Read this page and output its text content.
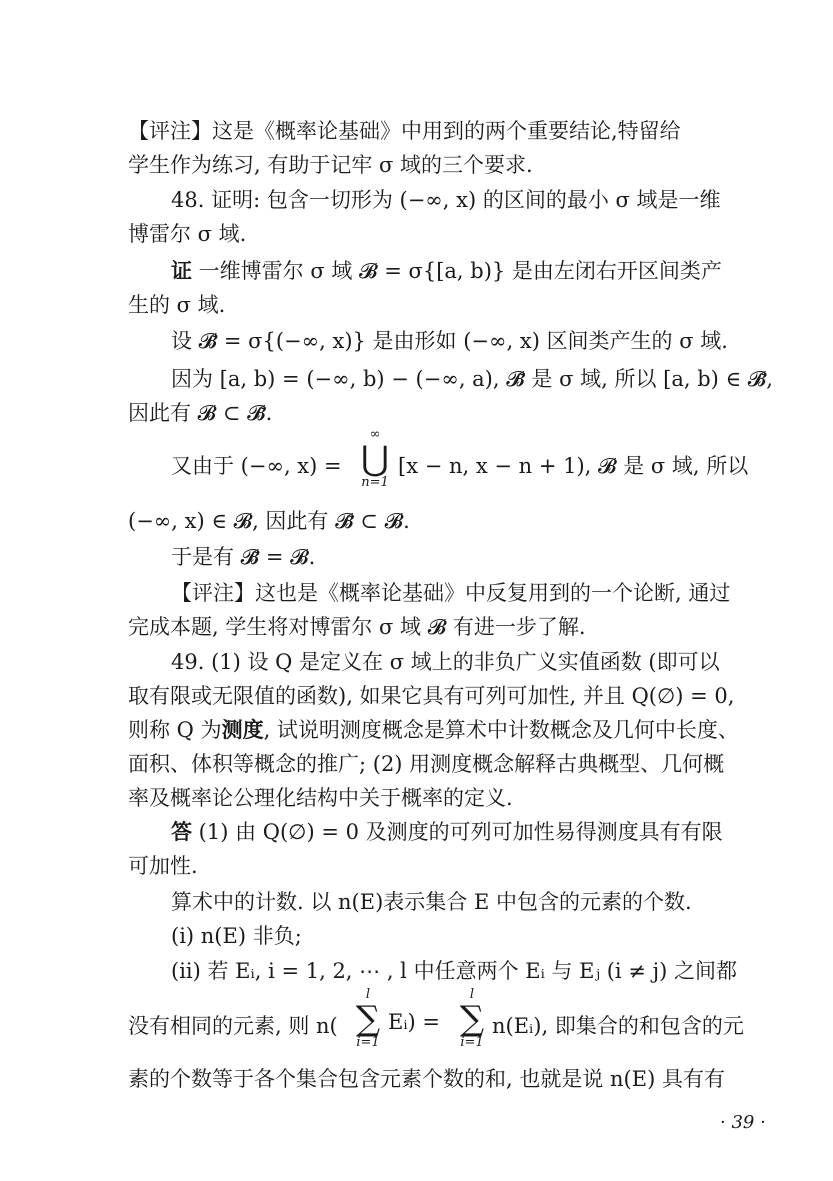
【评注】这是《概率论基础》中用到的两个重要结论,特留给
学生作为练习, 有助于记牢 σ 域的三个要求.
48. 证明: 包含一切形为 (−∞, x) 的区间的最小 σ 域是一维
博雷尔 σ 域.
证 一维博雷尔 σ 域 𝓑 = σ{[a, b)} 是由左闭右开区间类产
生的 σ 域.
设 𝓑̃ = σ{(−∞, x)} 是由形如 (−∞, x) 区间类产生的 σ 域.
因为 [a, b) = (−∞, b) − (−∞, a), 𝓑̃ 是 σ 域, 所以 [a, b) ∈ 𝓑̃,
因此有 𝓑 ⊂ 𝓑̃.
又由于 (−∞, x) =
∞
⋃
n=1
[x − n, x − n + 1), 𝓑 是 σ 域, 所以
(−∞, x) ∈ 𝓑, 因此有 𝓑̃ ⊂ 𝓑.
于是有 𝓑̃ = 𝓑.
【评注】这也是《概率论基础》中反复用到的一个论断, 通过
完成本题, 学生将对博雷尔 σ 域 𝓑 有进一步了解.
49. (1) 设 Q 是定义在 σ 域上的非负广义实值函数 (即可以
取有限或无限值的函数), 如果它具有可列可加性, 并且 Q(∅) = 0,
则称 Q 为测度, 试说明测度概念是算术中计数概念及几何中长度、
面积、体积等概念的推广; (2) 用测度概念解释古典概型、几何概
率及概率论公理化结构中关于概率的定义.
答 (1) 由 Q(∅) = 0 及测度的可列可加性易得测度具有有限
可加性.
算术中的计数. 以 n(E)表示集合 E 中包含的元素的个数.
(i) n(E) 非负;
(ii) 若 Eᵢ, i = 1, 2, ⋯ , l 中任意两个 Eᵢ 与 Eⱼ (i ≠ j) 之间都
没有相同的元素, 则 n(
l
∑
i=1
Eᵢ) =
l
∑
i=1
n(Eᵢ), 即集合的和包含的元
素的个数等于各个集合包含元素个数的和, 也就是说 n(E) 具有有
· 39 ·
